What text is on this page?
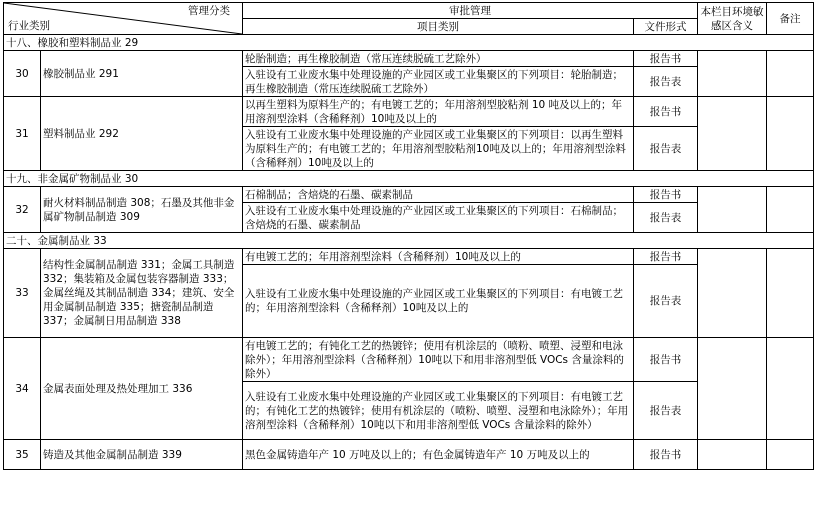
管理分类
行业类别		审批管理		本栏目环境敏感区含义	备注
		项目类别	文件形式		
十八、橡胶和塑料制品业 29					
30	橡胶制品业 291	轮胎制造；再生橡胶制造（常压连续脱硫工艺除外）	报告书		
		入驻设有工业废水集中处理设施的产业园区或工业集聚区的下列项目：轮胎制造；再生橡胶制造（常压连续脱硫工艺除外）	报告表		
31	塑料制品业 292	以再生塑料为原料生产的；有电镀工艺的；年用溶剂型胶粘剂 10 吨及以上的；年用溶剂型涂料（含稀释剂）10吨及以上的	报告书		
		入驻设有工业废水集中处理设施的产业园区或工业集聚区的下列项目：以再生塑料为原料生产的；有电镀工艺的；年用溶剂型胶粘剂10吨及以上的；年用溶剂型涂料（含稀释剂）10吨及以上的	报告表		
十九、非金属矿物制品业 30					
32	耐火材料制品制造 308；石墨及其他非金属矿物制品制造 309	石棉制品；含焙烧的石墨、碳素制品	报告书		
		入驻设有工业废水集中处理设施的产业园区或工业集聚区的下列项目：石棉制品；含焙烧的石墨、碳素制品	报告表		
二十、金属制品业 33					
33	结构性金属制品制造 331；金属工具制造 332；集装箱及金属包装容器制造 333；金属丝绳及其制品制造 334；建筑、安全用金属制品制造 335；搪瓷制品制造 337；金属制日用品制造 338	有电镀工艺的；年用溶剂型涂料（含稀释剂）10吨及以上的	报告书		
		入驻设有工业废水集中处理设施的产业园区或工业集聚区的下列项目：有电镀工艺的；年用溶剂型涂料（含稀释剂）10吨及以上的	报告表		
34	金属表面处理及热处理加工 336	有电镀工艺的；有钝化工艺的热镀锌；使用有机涂层的（喷粉、喷塑、浸塑和电泳除外）；年用溶剂型涂料（含稀释剂）10吨以下和用非溶剂型低 VOCs 含量涂料的除外）	报告书		
		入驻设有工业废水集中处理设施的产业园区或工业集聚区的下列项目：有电镀工艺的；有钝化工艺的热镀锌；使用有机涂层的（喷粉、喷塑、浸塑和电泳除外）；年用溶剂型涂料（含稀释剂）10吨以下和用非溶剂型低 VOCs 含量涂料的除外）	报告表		
35	铸造及其他金属制品制造 339	黑色金属铸造年产 10 万吨及以上的；有色金属铸造年产 10 万吨及以上的	报告书		
